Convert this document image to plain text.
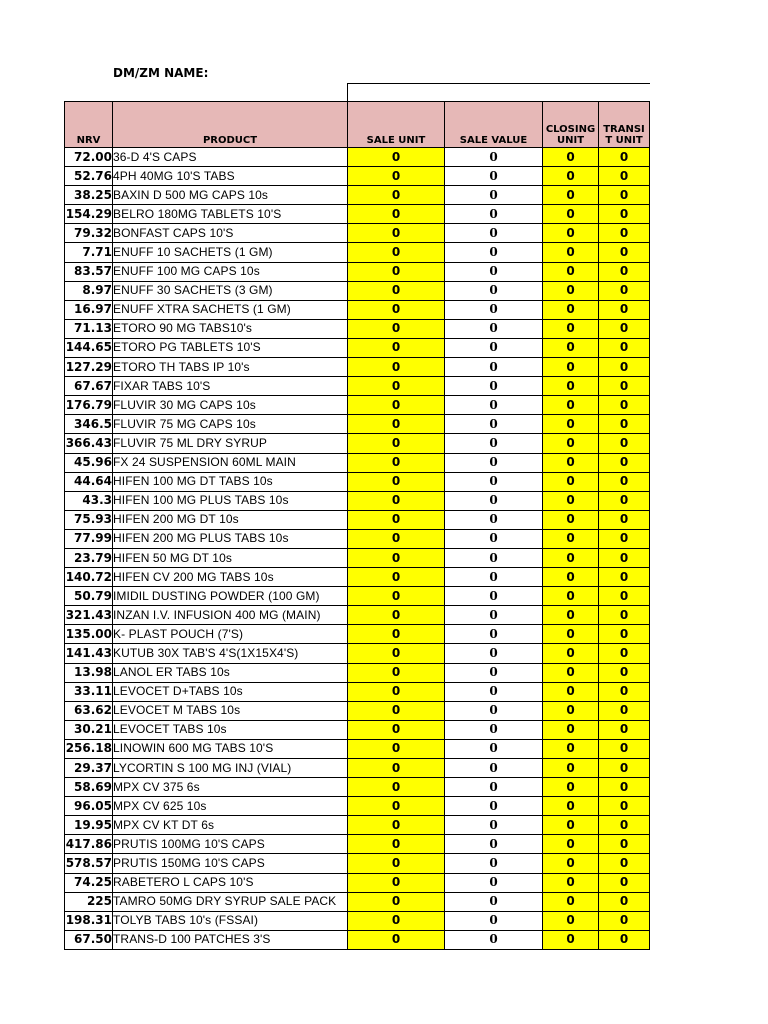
DM/ZM NAME:
NRV	PRODUCT	SALE UNIT	SALE VALUE	CLOSING UNIT	TRANSI T UNIT
72.00	36-D 4'S CAPS	0	0	0	0
52.76	4PH 40MG 10'S TABS	0	0	0	0
38.25	BAXIN D 500 MG CAPS 10s	0	0	0	0
154.29	BELRO 180MG TABLETS 10'S	0	0	0	0
79.32	BONFAST CAPS 10'S	0	0	0	0
7.71	ENUFF 10 SACHETS (1 GM)	0	0	0	0
83.57	ENUFF 100 MG CAPS 10s	0	0	0	0
8.97	ENUFF 30 SACHETS (3 GM)	0	0	0	0
16.97	ENUFF XTRA SACHETS (1 GM)	0	0	0	0
71.13	ETORO 90 MG TABS10's	0	0	0	0
144.65	ETORO PG TABLETS 10'S	0	0	0	0
127.29	ETORO TH TABS IP 10's	0	0	0	0
67.67	FIXAR TABS 10'S	0	0	0	0
176.79	FLUVIR 30 MG CAPS 10s	0	0	0	0
346.5	FLUVIR 75 MG CAPS 10s	0	0	0	0
366.43	FLUVIR 75 ML DRY SYRUP	0	0	0	0
45.96	FX 24 SUSPENSION 60ML MAIN	0	0	0	0
44.64	HIFEN 100 MG DT TABS 10s	0	0	0	0
43.3	HIFEN 100 MG PLUS TABS 10s	0	0	0	0
75.93	HIFEN 200 MG DT 10s	0	0	0	0
77.99	HIFEN 200 MG PLUS TABS 10s	0	0	0	0
23.79	HIFEN 50 MG DT 10s	0	0	0	0
140.72	HIFEN CV 200 MG TABS 10s	0	0	0	0
50.79	IMIDIL DUSTING POWDER (100 GM)	0	0	0	0
321.43	INZAN I.V. INFUSION 400 MG (MAIN)	0	0	0	0
135.00	K- PLAST POUCH (7'S)	0	0	0	0
141.43	KUTUB 30X TAB'S 4'S(1X15X4'S)	0	0	0	0
13.98	LANOL ER TABS 10s	0	0	0	0
33.11	LEVOCET D+TABS 10s	0	0	0	0
63.62	LEVOCET M TABS 10s	0	0	0	0
30.21	LEVOCET TABS 10s	0	0	0	0
256.18	LINOWIN 600 MG TABS 10'S	0	0	0	0
29.37	LYCORTIN S 100 MG INJ (VIAL)	0	0	0	0
58.69	MPX CV 375 6s	0	0	0	0
96.05	MPX CV 625 10s	0	0	0	0
19.95	MPX CV KT DT 6s	0	0	0	0
417.86	PRUTIS 100MG 10'S CAPS	0	0	0	0
578.57	PRUTIS 150MG 10'S CAPS	0	0	0	0
74.25	RABETERO L CAPS 10'S	0	0	0	0
225	TAMRO 50MG DRY SYRUP SALE PACK	0	0	0	0
198.31	TOLYB TABS 10's (FSSAI)	0	0	0	0
67.50	TRANS-D 100 PATCHES 3'S	0	0	0	0
